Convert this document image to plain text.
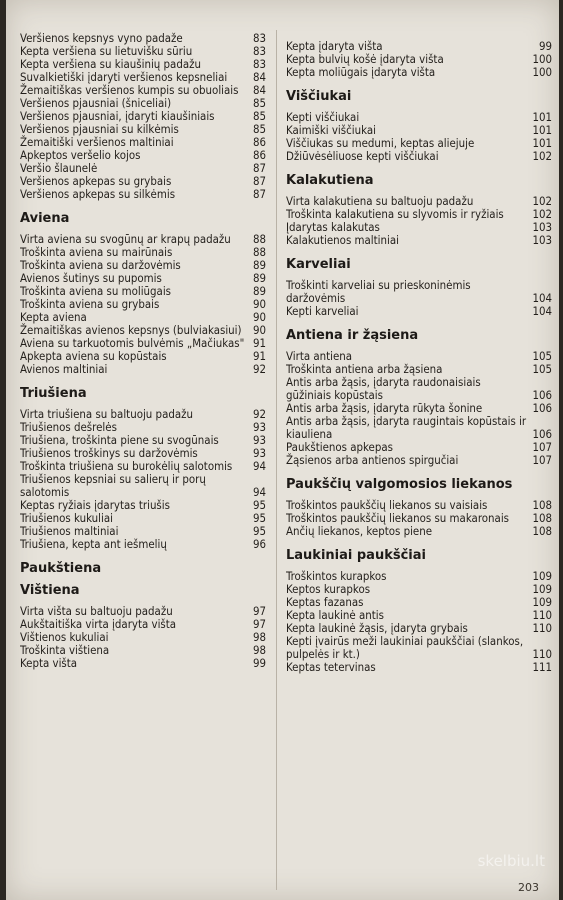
Veršienos kepsnys vyno padaže	83
Kepta veršiena su lietuvišku sūriu	83
Kepta veršiena su kiaušinių padažu	83
Suvalkietiški įdaryti veršienos kepsneliai	84
Žemaitiškas veršienos kumpis su obuoliais	84
Veršienos pjausniai (šniceliai)	85
Veršienos pjausniai, įdaryti kiaušiniais	85
Veršienos pjausniai su kilkėmis	85
Žemaitiški veršienos maltiniai	86
Apkeptos veršelio kojos	86
Veršio šlaunelė	87
Veršienos apkepas su grybais	87
Veršienos apkepas su silkėmis	87
Aviena
Virta aviena su svogūnų ar krapų padažu	88
Troškinta aviena su mairūnais	88
Troškinta aviena su daržovėmis	89
Avienos šutinys su pupomis	89
Troškinta aviena su moliūgais	89
Troškinta aviena su grybais	90
Kepta aviena	90
Žemaitiškas avienos kepsnys (bulviakasiui)	90
Aviena su tarkuotomis bulvėmis „Mačiukas" 91
Apkepta aviena su kopūstais	91
Avienos maltiniai	92
Triušiena
Virta triušiena su baltuoju padažu	92
Triušienos dešrelės	93
Triušiena, troškinta piene su svogūnais	93
Triušienos troškinys su daržovėmis	93
Troškinta triušiena su burokėlių salotomis	94
Triušienos kepsniai su salierų ir porų salotomis	94
Keptas ryžiais įdarytas triušis	95
Triušienos kukuliai	95
Triušienos maltiniai	95
Triušiena, kepta ant iešmelių	96
Paukštiena
Vištiena
Virta višta su baltuoju padažu	97
Aukštaitiška virta įdaryta višta	97
Vištienos kukuliai	98
Troškinta vištiena	98
Kepta višta	99
Kepta įdaryta višta	99
Kepta bulvių košė įdaryta višta	100
Kepta moliūgais įdaryta višta	100
Viščiukai
Kepti viščiukai	101
Kaimiški viščiukai	101
Viščiukas su medumi, keptas aliejuje	101
Džiūvėsėliuose kepti viščiukai	102
Kalakutiena
Virta kalakutiena su baltuoju padažu	102
Troškinta kalakutiena su slyvomis ir ryžiais	102
Įdarytas kalakutas	103
Kalakutienos maltiniai	103
Karveliai
Troškinti karveliai su prieskoninėmis daržovėmis	104
Kepti karveliai	104
Antiena ir žąsiena
Virta antiena	105
Troškinta antiena arba žąsiena	105
Antis arba žąsis, įdaryta raudonaisiais gūžiniais kopūstais	106
Antis arba žąsis, įdaryta rūkyta šonine	106
Antis arba žąsis, įdaryta raugintais kopūstais ir kiauliena	106
Paukštienos apkepas	107
Žąsienos arba antienos spirgučiai	107
Paukščių valgomosios liekanos
Troškintos paukščių liekanos su vaisiais	108
Troškintos paukščių liekanos su makaronais	108
Ančių liekanos, keptos piene	108
Laukiniai paukščiai
Troškintos kurapkos	109
Keptos kurapkos	109
Keptas fazanas	109
Kepta laukinė antis	110
Kepta laukinė žąsis, įdaryta grybais	110
Kepti įvairūs meži laukiniai paukščiai (slankos, pulpelės ir kt.)	110
Keptas tetervinas	111
203
skelbiu.lt
